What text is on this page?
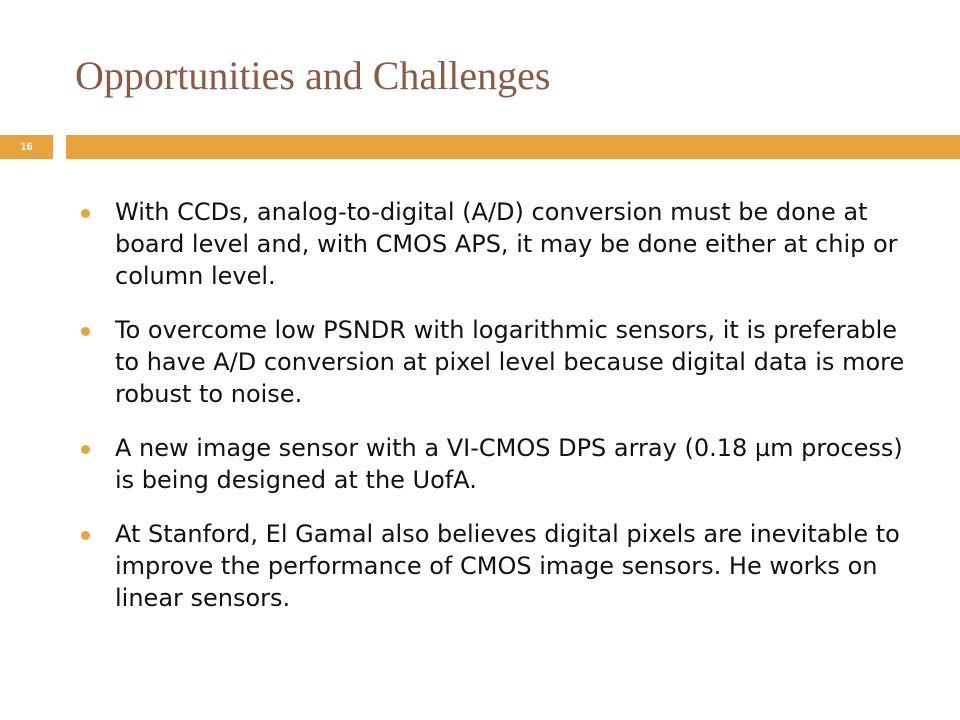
Opportunities and Challenges
16
With CCDs, analog-to-digital (A/D) conversion must be done at board level and, with CMOS APS, it may be done either at chip or column level.
To overcome low PSNDR with logarithmic sensors, it is preferable to have A/D conversion at pixel level because digital data is more robust to noise.
A new image sensor with a VI-CMOS DPS array (0.18 µm process) is being designed at the UofA.
At Stanford, El Gamal also believes digital pixels are inevitable to improve the performance of CMOS image sensors. He works on linear sensors.
